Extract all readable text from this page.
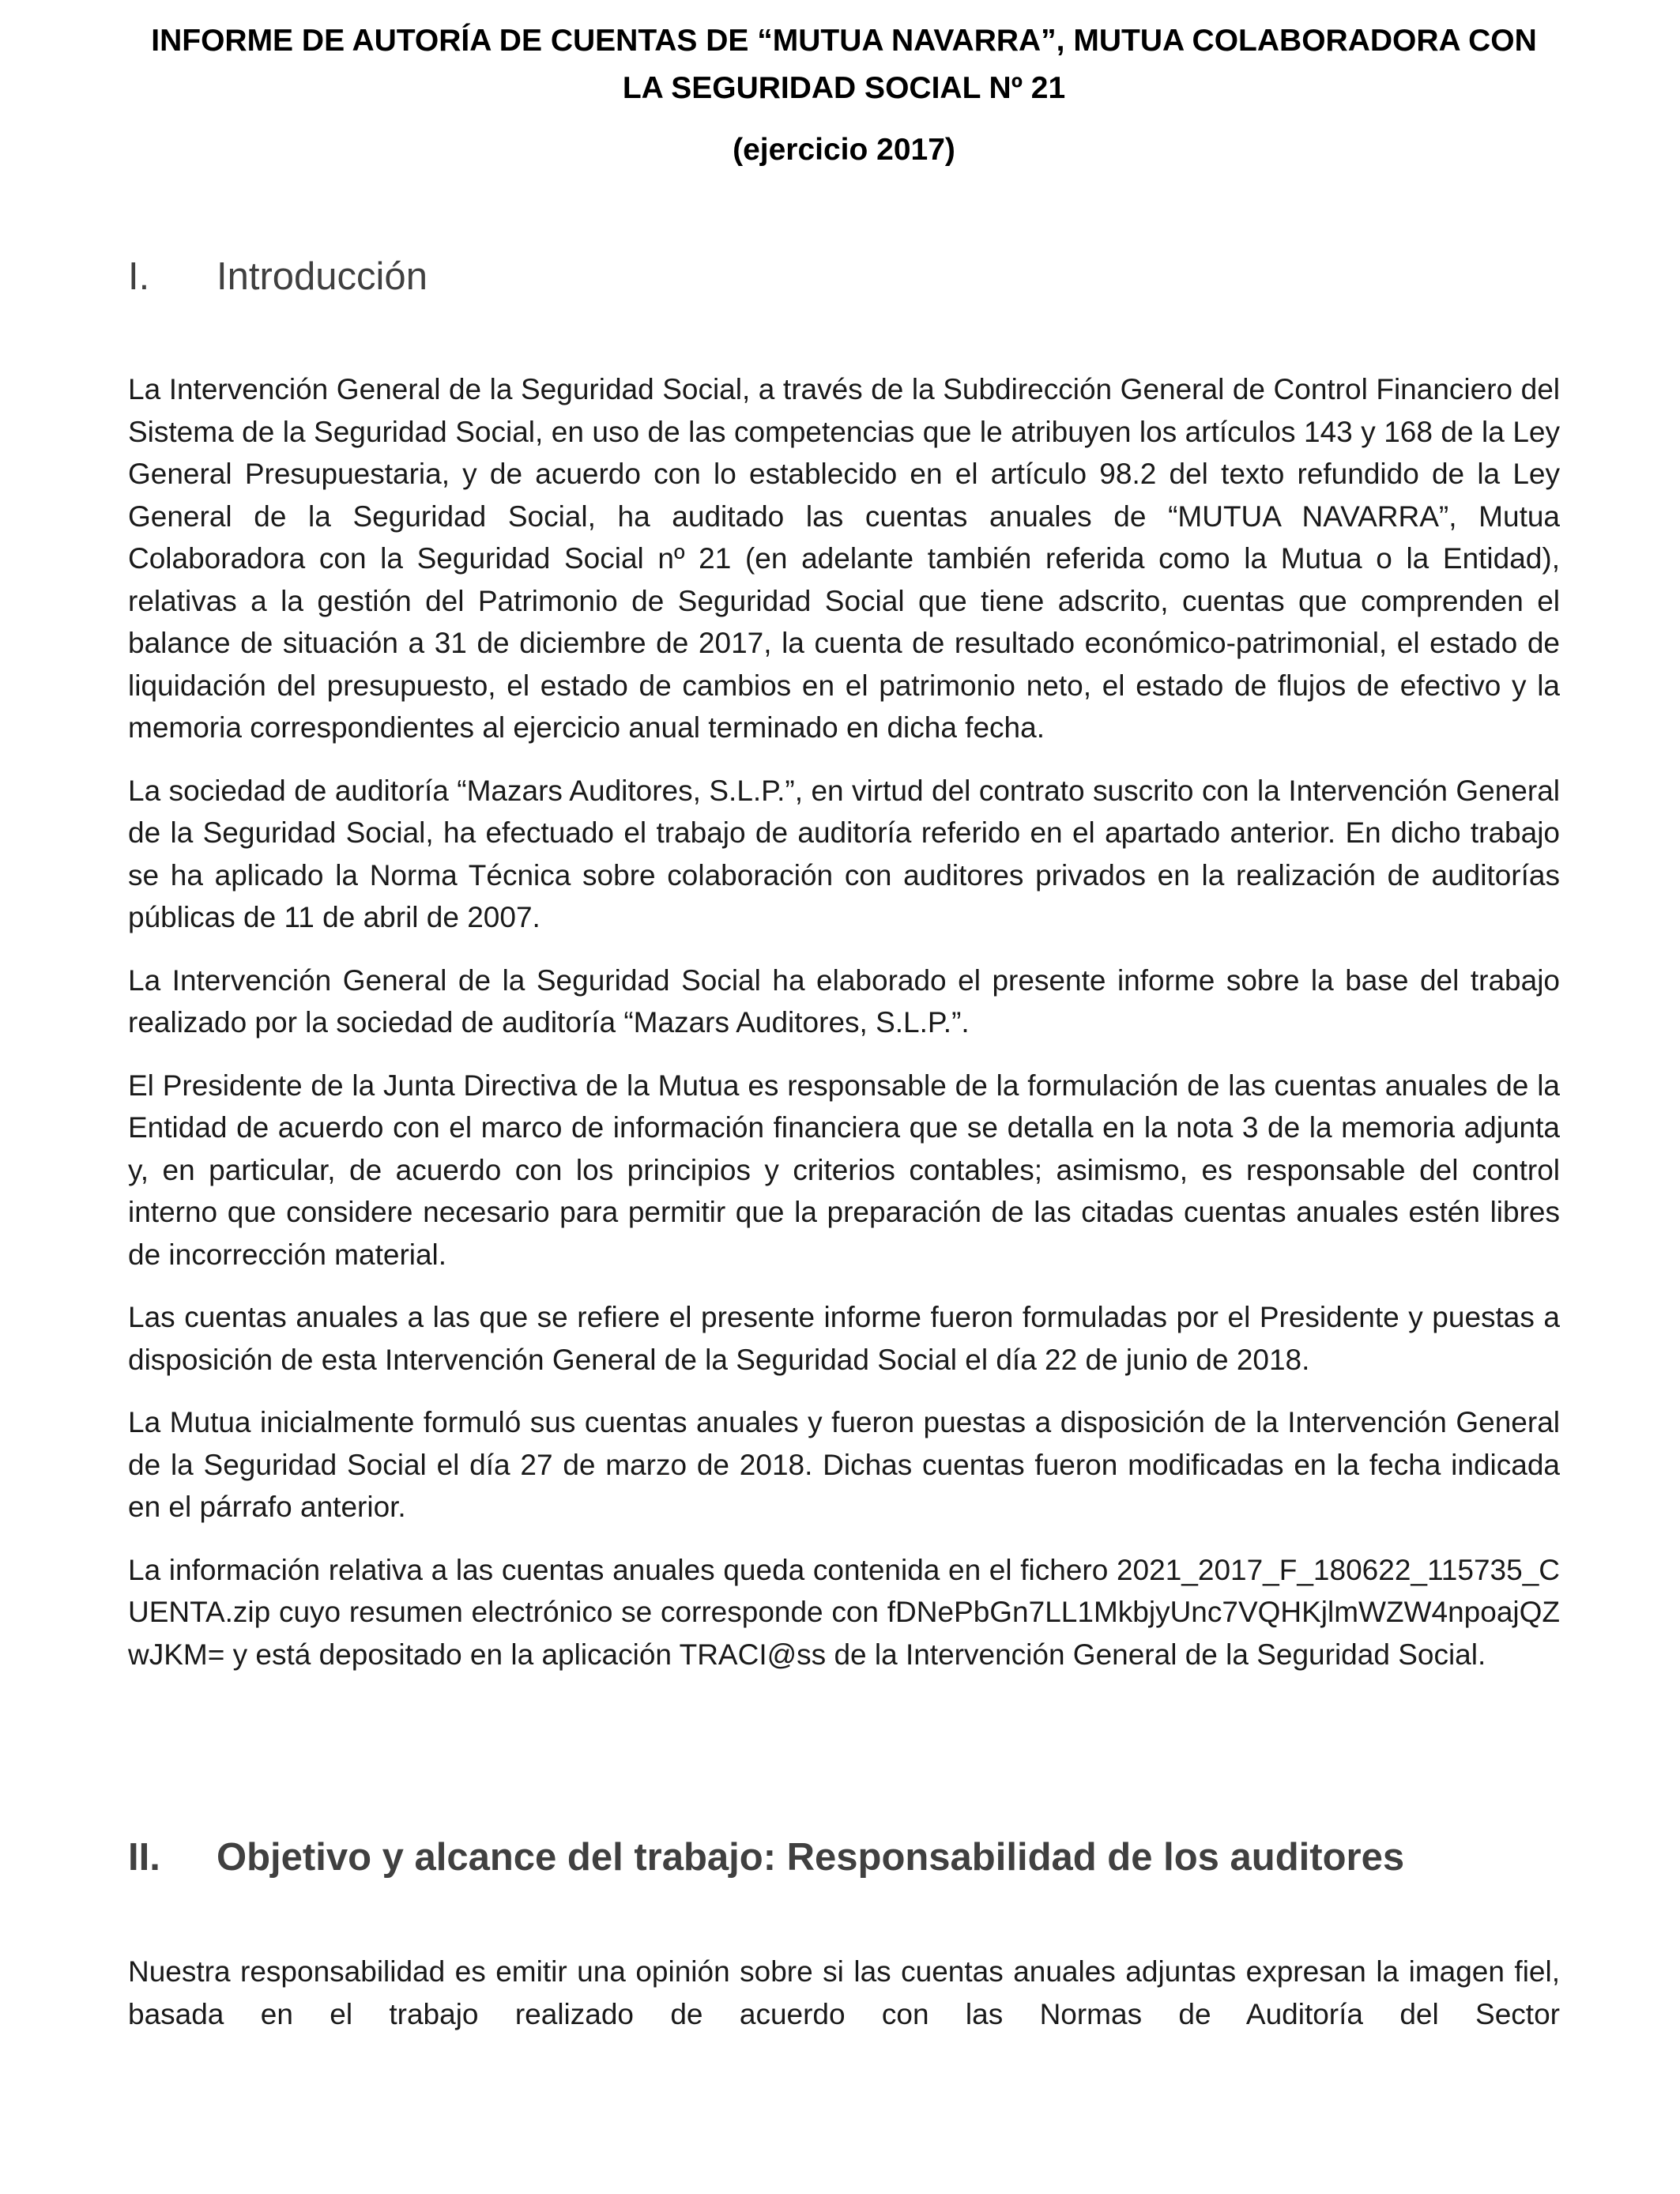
INFORME DE AUTORÍA DE CUENTAS DE “MUTUA NAVARRA”, MUTUA COLABORADORA CON LA SEGURIDAD SOCIAL Nº 21
(ejercicio 2017)
I. Introducción

La Intervención General de la Seguridad Social, a través de la Subdirección General de Control Financiero del Sistema de la Seguridad Social, en uso de las competencias que le atribuyen los artículos 143 y 168 de la Ley General Presupuestaria, y de acuerdo con lo establecido en el artículo 98.2 del texto refundido de la Ley General de la Seguridad Social, ha auditado las cuentas anuales de “MUTUA NAVARRA”, Mutua Colaboradora con la Seguridad Social nº 21 (en adelante también referida como la Mutua o la Entidad), relativas a la gestión del Patrimonio de Seguridad Social que tiene adscrito, cuentas que comprenden el balance de situación a 31 de diciembre de 2017, la cuenta de resultado económico-patrimonial, el estado de liquidación del presupuesto, el estado de cambios en el patrimonio neto, el estado de flujos de efectivo y la memoria correspondientes al ejercicio anual terminado en dicha fecha.

La sociedad de auditoría “Mazars Auditores, S.L.P.”, en virtud del contrato suscrito con la Intervención General de la Seguridad Social, ha efectuado el trabajo de auditoría referido en el apartado anterior. En dicho trabajo se ha aplicado la Norma Técnica sobre colaboración con auditores privados en la realización de auditorías públicas de 11 de abril de 2007.

La Intervención General de la Seguridad Social ha elaborado el presente informe sobre la base del trabajo realizado por la sociedad de auditoría “Mazars Auditores, S.L.P.”.

El Presidente de la Junta Directiva de la Mutua es responsable de la formulación de las cuentas anuales de la Entidad de acuerdo con el marco de información financiera que se detalla en la nota 3 de la memoria adjunta y, en particular, de acuerdo con los principios y criterios contables; asimismo, es responsable del control interno que considere necesario para permitir que la preparación de las citadas cuentas anuales estén libres de incorrección material.

Las cuentas anuales a las que se refiere el presente informe fueron formuladas por el Presidente y puestas a disposición de esta Intervención General de la Seguridad Social el día 22 de junio de 2018.

La Mutua inicialmente formuló sus cuentas anuales y fueron puestas a disposición de la Intervención General de la Seguridad Social el día 27 de marzo de 2018. Dichas cuentas fueron modificadas en la fecha indicada en el párrafo anterior.

La información relativa a las cuentas anuales queda contenida en el fichero 2021_2017_F_180622_115735_CUENTA.zip cuyo resumen electrónico se corresponde con fDNePbGn7LL1MkbjyUnc7VQHKjlmWZW4npoajQZwJKM= y está depositado en la aplicación TRACI@ss de la Intervención General de la Seguridad Social.

II. Objetivo y alcance del trabajo: Responsabilidad de los auditores

Nuestra responsabilidad es emitir una opinión sobre si las cuentas anuales adjuntas expresan la imagen fiel, basada en el trabajo realizado de acuerdo con las Normas de Auditoría del Sector
